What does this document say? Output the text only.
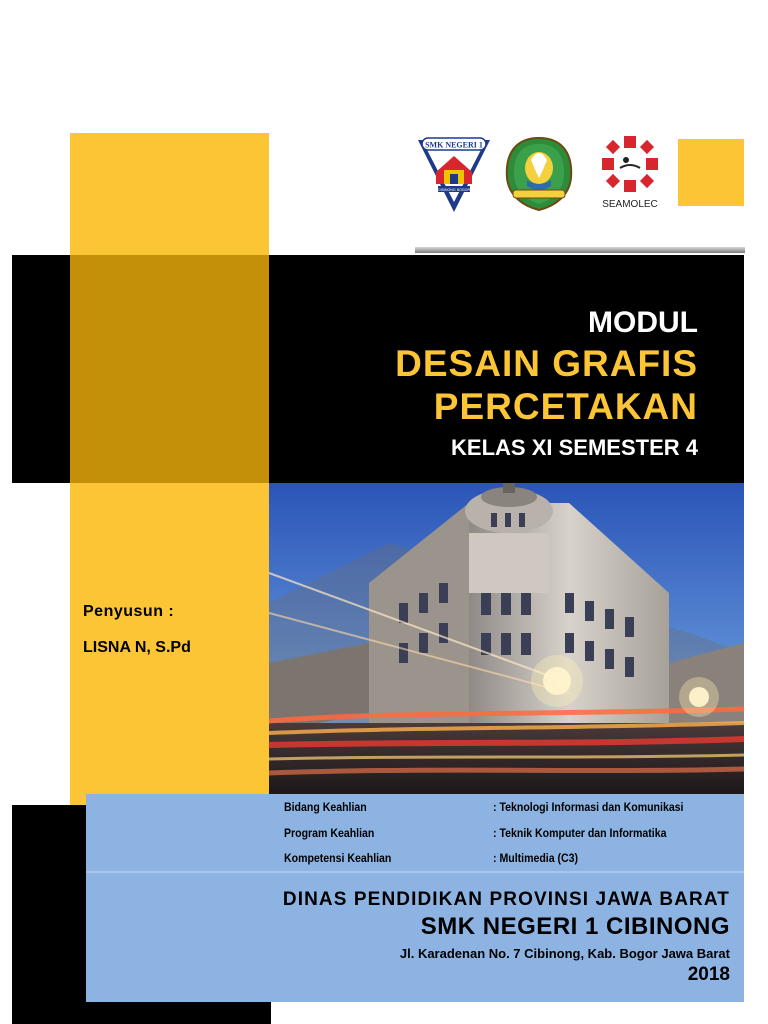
SMK NEGERI 1
CIBINONG BOGOR
SEAMOLEC
MODUL
DESAIN GRAFIS
PERCETAKAN
KELAS XI SEMESTER 4
Penyusun :
LISNA N, S.Pd
Bidang Keahlian	: Teknologi Informasi dan Komunikasi
Program Keahlian	: Teknik Komputer dan Informatika
Kompetensi Keahlian	: Multimedia (C3)
DINAS PENDIDIKAN PROVINSI JAWA BARAT
SMK NEGERI 1 CIBINONG
Jl. Karadenan No. 7 Cibinong, Kab. Bogor Jawa Barat
2018
